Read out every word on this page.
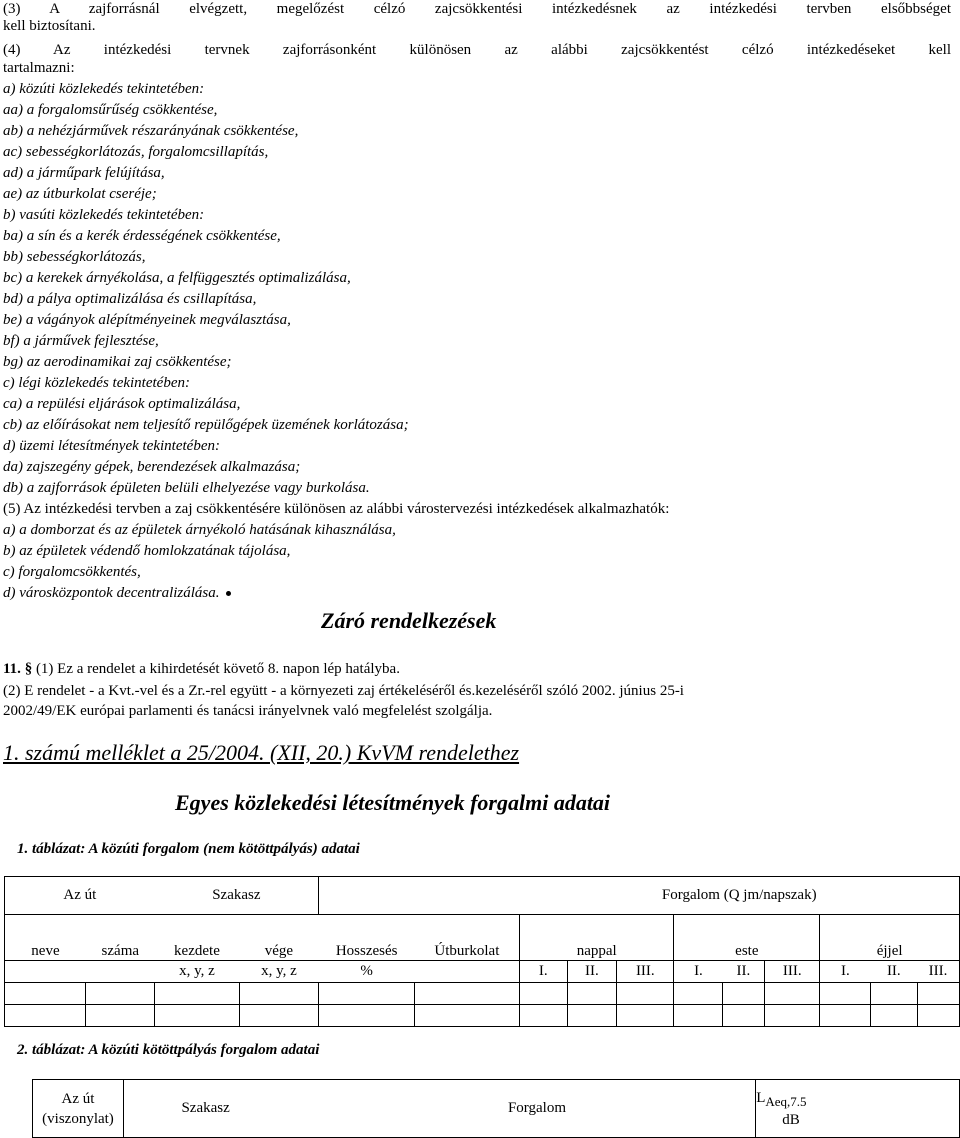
(3) A zajforrásnál elvégzett, megelőzést célzó zajcsökkentési intézkedésnek az intézkedési tervben elsőbbséget
kell biztosítani.
(4) Az intézkedési tervnek zajforrásonként különösen az alábbi zajcsökkentést célzó intézkedéseket kell
tartalmazni:
a) közúti közlekedés tekintetében:
aa) a forgalomsűrűség csökkentése,
ab) a nehézjárművek részarányának csökkentése,
ac) sebességkorlátozás, forgalomcsillapítás,
ad) a járműpark felújítása,
ae) az útburkolat cseréje;
b) vasúti közlekedés tekintetében:
ba) a sín és a kerék érdességének csökkentése,
bb) sebességkorlátozás,
bc) a kerekek árnyékolása, a felfüggesztés optimalizálása,
bd) a pálya optimalizálása és csillapítása,
be) a vágányok alépítményeinek megválasztása,
bf) a járművek fejlesztése,
bg) az aerodinamikai zaj csökkentése;
c) légi közlekedés tekintetében:
ca) a repülési eljárások optimalizálása,
cb) az előírásokat nem teljesítő repülőgépek üzemének korlátozása;
d) üzemi létesítmények tekintetében:
da) zajszegény gépek, berendezések alkalmazása;
db) a zajforrások épületen belüli elhelyezése vagy burkolása.
(5) Az intézkedési tervben a zaj csökkentésére különösen az alábbi várostervezési intézkedések alkalmazhatók:
a) a domborzat és az épületek árnyékoló hatásának kihasználása,
b) az épületek védendő homlokzatának tájolása,
c) forgalomcsökkentés,
d) városközpontok decentralizálása.
Záró rendelkezések
11. § (1) Ez a rendelet a kihirdetését követő 8. napon lép hatályba.
(2) E rendelet - a Kvt.-vel és a Zr.-rel együtt - a környezeti zaj értékeléséről és.kezeléséről szóló 2002. június 25-i
2002/49/EK európai parlamenti és tanácsi irányelvnek való megfelelést szolgálja.
1. számú melléklet a 25/2004. (XII, 20.) KvVM rendelethez
Egyes közlekedési létesítmények forgalmi adatai
1. táblázat: A közúti forgalom (nem kötöttpályás) adatai
Az út		Szakasz				Forgalom (Q jm/napszak)								
neve	száma	kezdete	vége	Hosszesés	Útburkolat	nappal			este			éjjel		
		x, y, z	x, y, z	%		I.	II.	III.	I.	II.	III.	I.	II.	III.

2. táblázat: A közúti kötöttpályás forgalom adatai
Az út
(viszonylat)	Szakasz		Forgalom		$L_{Aeq,7.5}$
dB
